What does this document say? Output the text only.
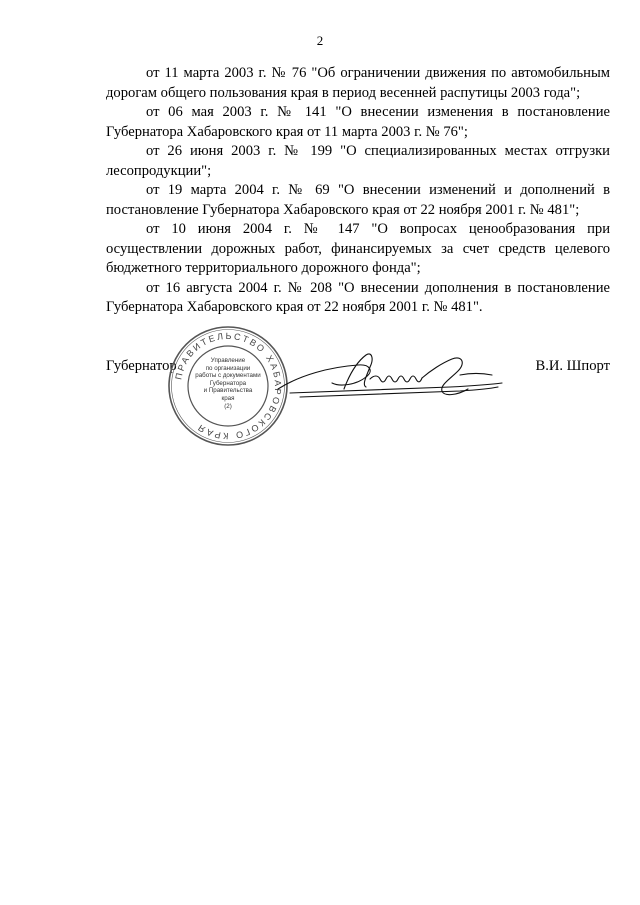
2

от 11 марта 2003 г. № 76 "Об ограничении движения по автомобильным дорогам общего пользования края в период весенней распутицы 2003 года";

от 06 мая 2003 г. № 141 "О внесении изменения в постановление Губернатора Хабаровского края от 11 марта 2003 г. № 76";

от 26 июня 2003 г. № 199 "О специализированных местах отгрузки лесопродукции";

от 19 марта 2004 г. № 69 "О внесении изменений и дополнений в постановление Губернатора Хабаровского края от 22 ноября 2001 г. № 481";

от 10 июня 2004 г. № 147 "О вопросах ценообразования при осуществлении дорожных работ, финансируемых за счет средств целевого бюджетного территориального дорожного фонда";

от 16 августа 2004 г. № 208 "О внесении дополнения в постановление Губернатора Хабаровского края от 22 ноября 2001 г. № 481".

Губернатор	В.И. Шпорт
ПРАВИТЕЛЬСТВО ХАБАРОВСКОГО КРАЯ
Управление
по организации
работы с документами
Губернатора
и Правительства
края
(2)
